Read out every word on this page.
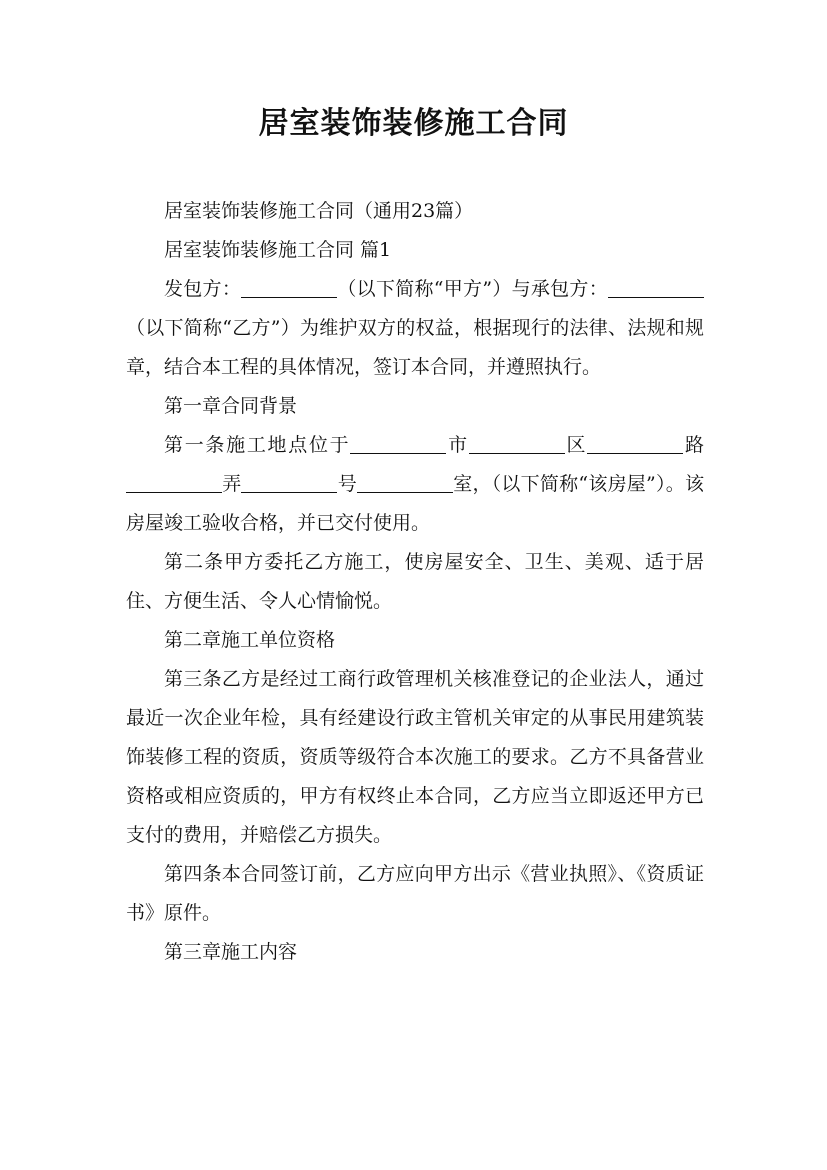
居室装饰装修施工合同

居室装饰装修施工合同（通用23篇）

居室装饰装修施工合同 篇1

发包方：	（以下简称“甲方”）与承包方：（以下简称“乙方”）为维护双方的权益，根据现行的法律、法规和规章，结合本工程的具体情况，签订本合同，并遵照执行。

第一章合同背景

第一条施工地点位于	市	区	路弄	号	室，（以下简称“该房屋”）。该房屋竣工验收合格，并已交付使用。

第二条甲方委托乙方施工，使房屋安全、卫生、美观、适于居住、方便生活、令人心情愉悦。

第二章施工单位资格

第三条乙方是经过工商行政管理机关核准登记的企业法人，通过最近一次企业年检，具有经建设行政主管机关审定的从事民用建筑装饰装修工程的资质，资质等级符合本次施工的要求。乙方不具备营业资格或相应资质的，甲方有权终止本合同，乙方应当立即返还甲方已支付的费用，并赔偿乙方损失。

第四条本合同签订前，乙方应向甲方出示《营业执照》、《资质证书》原件。

第三章施工内容
